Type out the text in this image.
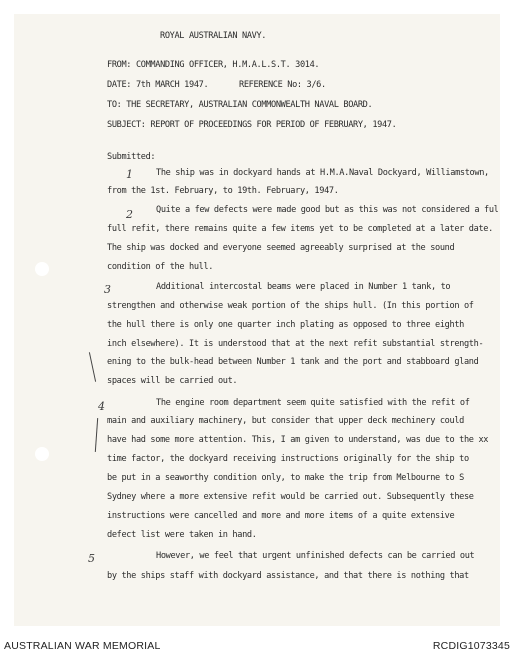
ROYAL AUSTRALIAN NAVY.
FROM: COMMANDING OFFICER, H.M.A.L.S.T. 3014.
DATE: 7th MARCH 1947.	REFERENCE No: 3/6.
TO: THE SECRETARY, AUSTRALIAN COMMONWEALTH NAVAL BOARD.
SUBJECT: REPORT OF PROCEEDINGS FOR PERIOD OF FEBRUARY, 1947.
Submitted:
The ship was in dockyard hands at H.M.A.Naval Dockyard, Williamstown,
from the 1st. February, to 19th. February, 1947.
Quite a few defects were made good but as this was not considered a ful
full refit, there remains quite a few items yet to be completed at a later date.
The ship was docked and everyone seemed agreeably surprised at the sound
condition of the hull.
Additional intercostal beams were placed in Number 1 tank, to
strengthen and otherwise weak portion of the ships hull. (In this portion of
the hull there is only one quarter inch plating as opposed to three eighth
inch elsewhere). It is understood that at the next refit substantial strength-
ening to the bulk-head between Number 1 tank and the port and stabboard gland
spaces will be carried out.
The engine room department seem quite satisfied with the refit of
main and auxiliary machinery, but consider that upper deck mechinery could
have had some more attention. This, I am given to understand, was due to the xx
time factor, the dockyard receiving instructions originally for the ship to
be put in a seaworthy condition only, to make the trip from Melbourne to S
Sydney where a more extensive refit would be carried out. Subsequently these
instructions were cancelled and more and more items of a quite extensive
defect list were taken in hand.
However, we feel that urgent unfinished defects can be carried out
by the ships staff with dockyard assistance, and that there is nothing that
1
2
3
4
5
AUSTRALIAN WAR MEMORIAL	RCDIG1073345
